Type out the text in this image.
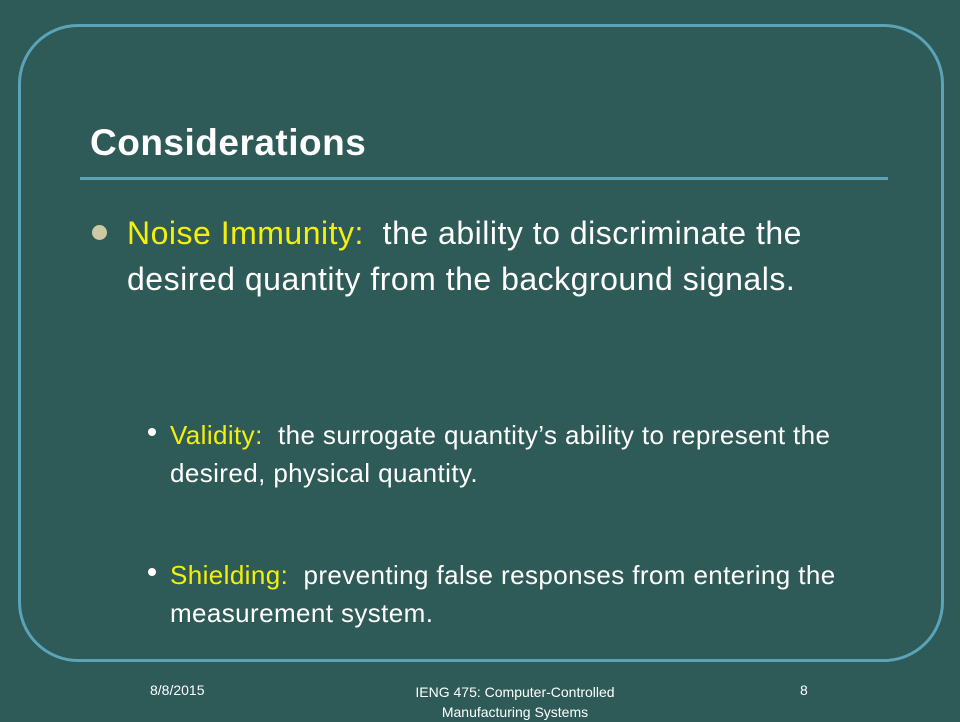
Considerations
Noise Immunity: the ability to discriminate the desired quantity from the background signals.
Validity: the surrogate quantity’s ability to represent the desired, physical quantity.
Shielding: preventing false responses from entering the measurement system.
8/8/2015	IENG 475: Computer-Controlled
Manufacturing Systems
8
